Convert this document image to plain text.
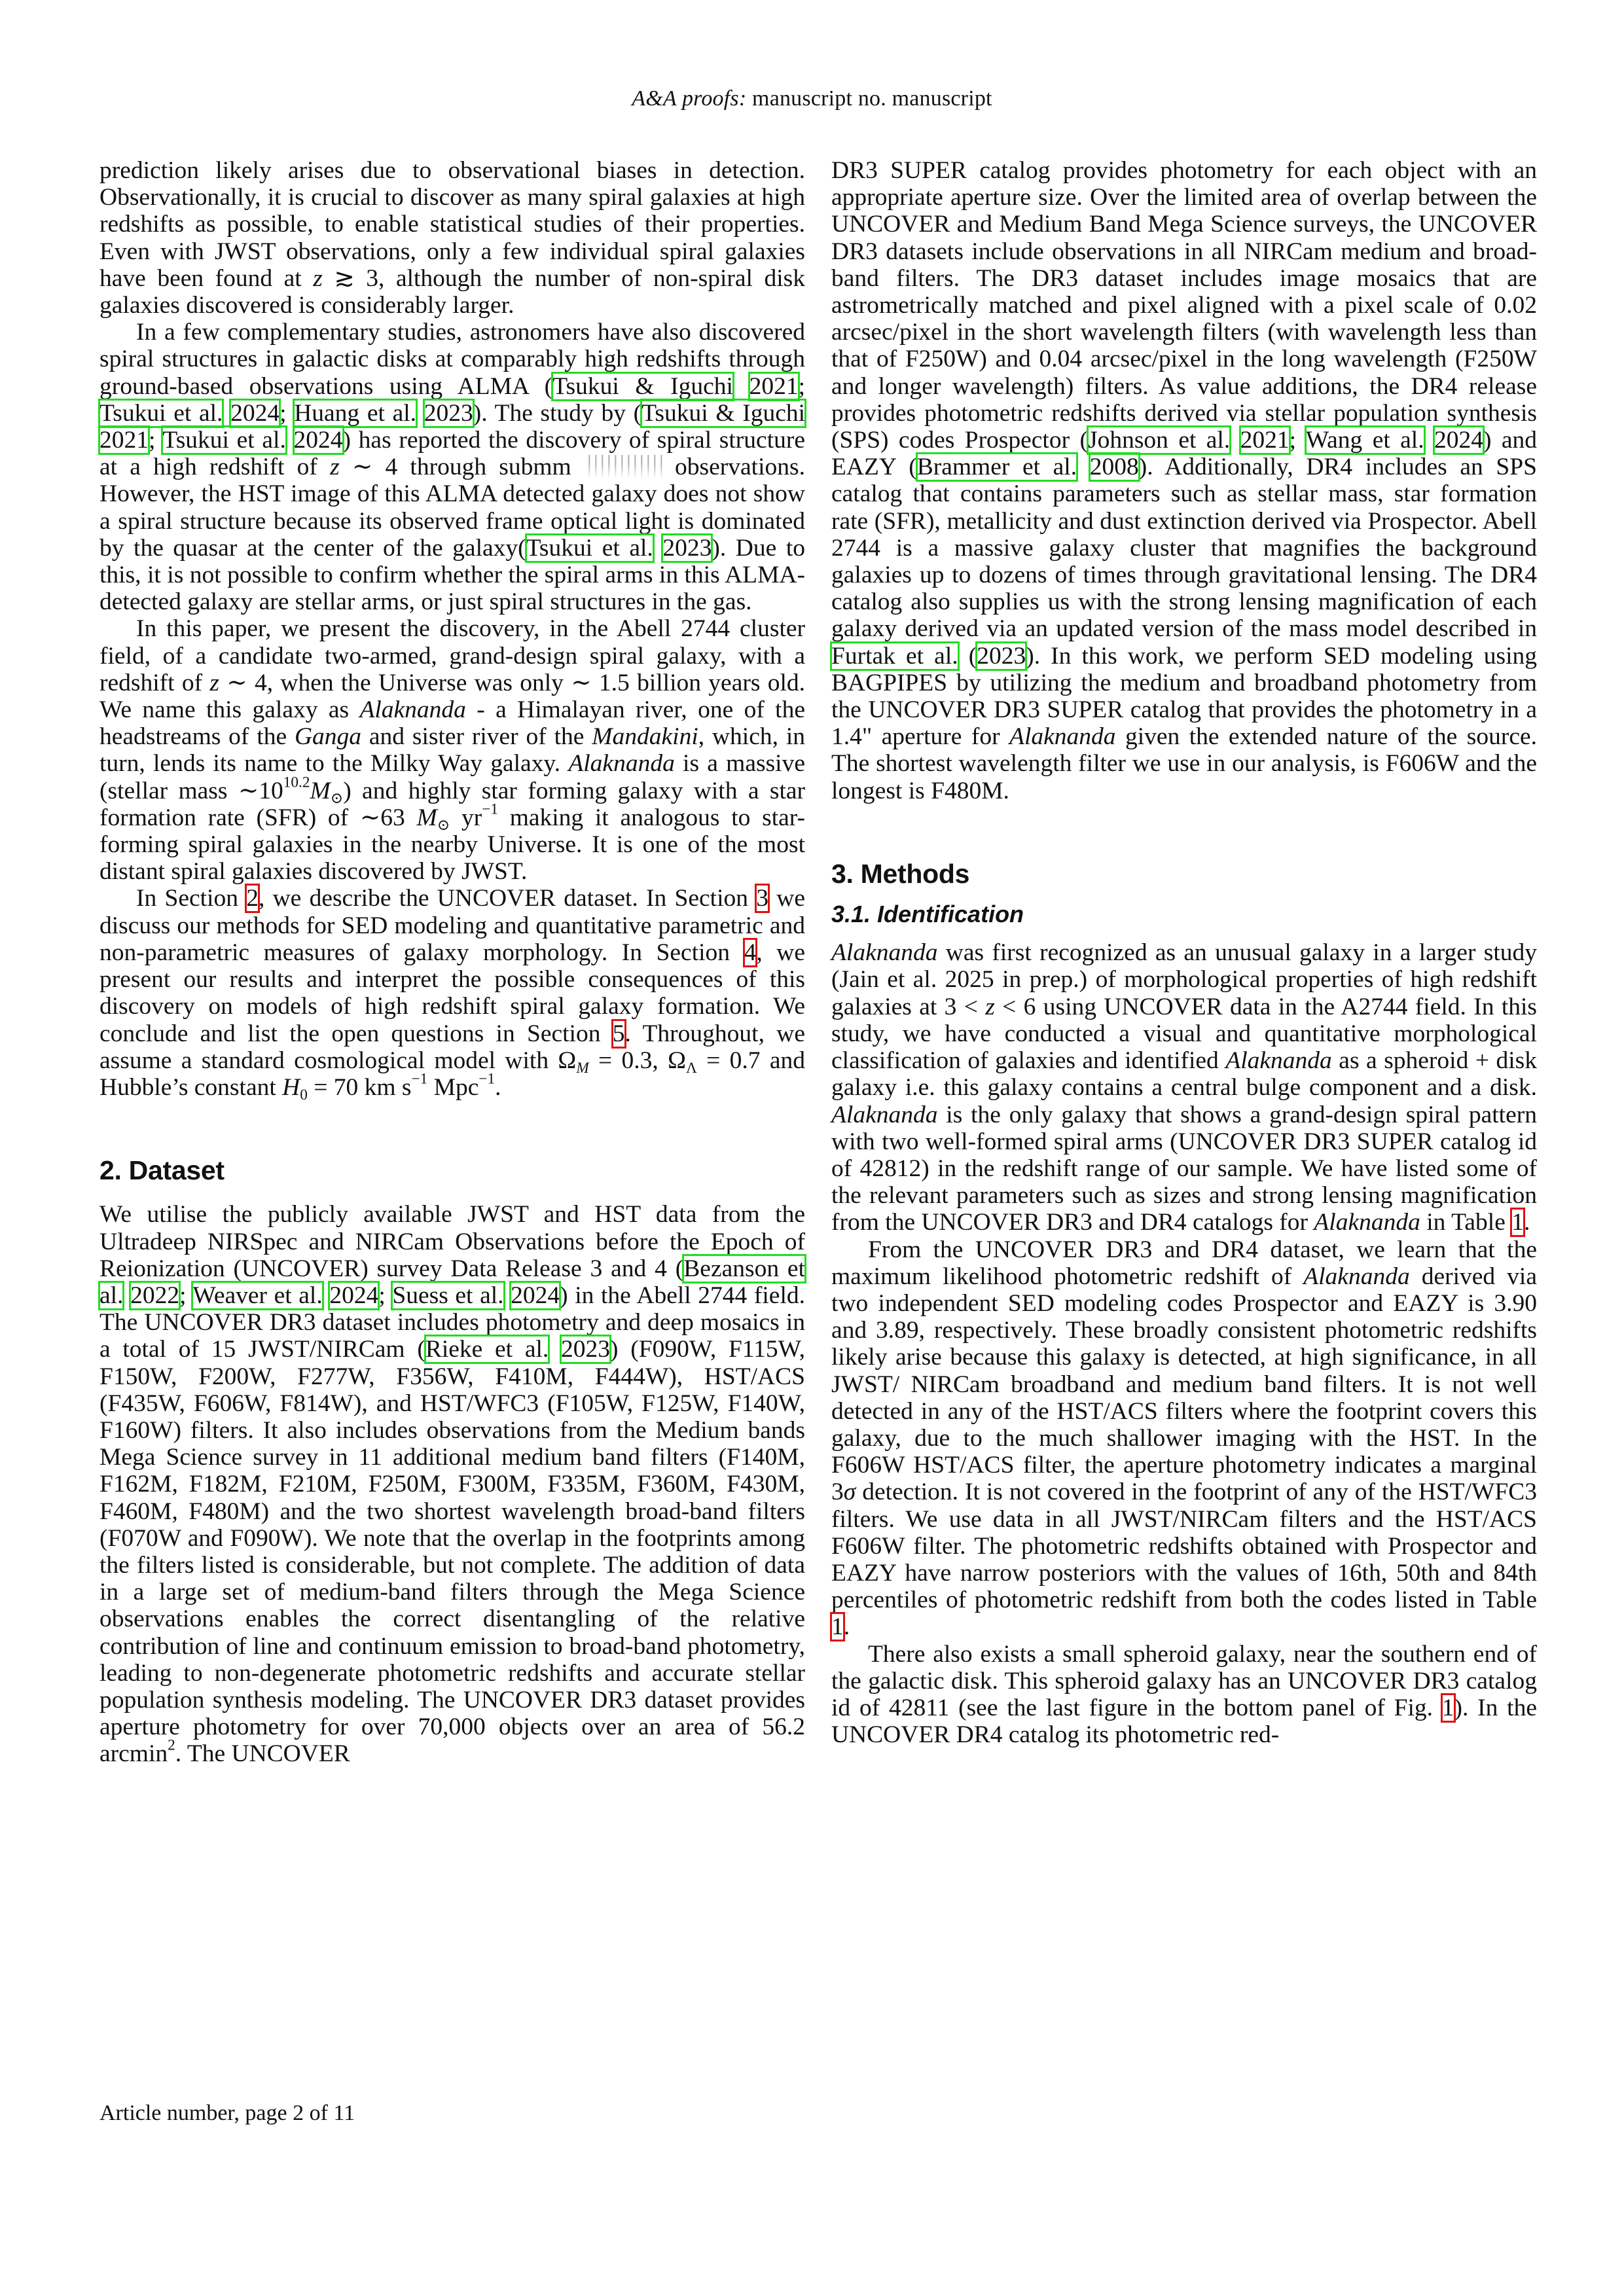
A&A proofs: manuscript no. manuscript

prediction likely arises due to observational biases in detection. Observationally, it is crucial to discover as many spiral galaxies at high redshifts as possible, to enable statistical studies of their properties. Even with JWST observations, only a few individual spiral galaxies have been found at z ≳ 3, although the number of non-spiral disk galaxies discovered is considerably larger.

In a few complementary studies, astronomers have also discovered spiral structures in galactic disks at comparably high redshifts through ground-based observations using ALMA (Tsukui & Iguchi 2021; Tsukui et al. 2024; Huang et al. 2023). The study by (Tsukui & Iguchi 2021; Tsukui et al. 2024) has reported the discovery of spiral structure at a high redshift of z ∼ 4 through submm	observations. However, the HST image of this ALMA detected galaxy does not show a spiral structure because its observed frame optical light is dominated by the quasar at the center of the galaxy(Tsukui et al. 2023). Due to this, it is not possible to confirm whether the spiral arms in this ALMA-detected galaxy are stellar arms, or just spiral structures in the gas.

In this paper, we present the discovery, in the Abell 2744 cluster field, of a candidate two-armed, grand-design spiral galaxy, with a redshift of z ∼ 4, when the Universe was only ∼ 1.5 billion years old. We name this galaxy as Alaknanda - a Himalayan river, one of the headstreams of the Ganga and sister river of the Mandakini, which, in turn, lends its name to the Milky Way galaxy. Alaknanda is a massive (stellar mass $\sim 10^{10.2}M_⊙$) and highly star forming galaxy with a star formation rate (SFR) of ∼63 $M_⊙$ $yr^{-1}$ making it analogous to star-forming spiral galaxies in the nearby Universe. It is one of the most distant spiral galaxies discovered by JWST.

In Section 2, we describe the UNCOVER dataset. In Section 3 we discuss our methods for SED modeling and quantitative parametric and non-parametric measures of galaxy morphology. In Section 4, we present our results and interpret the possible consequences of this discovery on models of high redshift spiral galaxy formation. We conclude and list the open questions in Section 5. Throughout, we assume a standard cosmological model with $\Omega_M = 0.3$, $\Omega_\Lambda = 0.7$ and Hubble’s constant $H_0 = 70$ km $s^{-1}$ Mpc$^{-1}$.

2. Dataset

We utilise the publicly available JWST and HST data from the Ultradeep NIRSpec and NIRCam Observations before the Epoch of Reionization (UNCOVER) survey Data Release 3 and 4 (Bezanson et al. 2022; Weaver et al. 2024; Suess et al. 2024) in the Abell 2744 field. The UNCOVER DR3 dataset includes photometry and deep mosaics in a total of 15 JWST/NIRCam (Rieke et al. 2023) (F090W, F115W, F150W, F200W, F277W, F356W, F410M, F444W), HST/ACS (F435W, F606W, F814W), and HST/WFC3 (F105W, F125W, F140W, F160W) filters. It also includes observations from the Medium bands Mega Science survey in 11 additional medium band filters (F140M, F162M, F182M, F210M, F250M, F300M, F335M, F360M, F430M, F460M, F480M) and the two shortest wavelength broad-band filters (F070W and F090W). We note that the overlap in the footprints among the filters listed is considerable, but not complete. The addition of data in a large set of medium-band filters through the Mega Science observations enables the correct disentangling of the relative contribution of line and continuum emission to broad-band photometry, leading to non-degenerate photometric redshifts and accurate stellar population synthesis modeling. The UNCOVER DR3 dataset provides aperture photometry for over 70,000 objects over an area of 56.2 arcmin$^2$. The UNCOVER

DR3 SUPER catalog provides photometry for each object with an appropriate aperture size. Over the limited area of overlap between the UNCOVER and Medium Band Mega Science surveys, the UNCOVER DR3 datasets include observations in all NIRCam medium and broad-band filters. The DR3 dataset includes image mosaics that are astrometrically matched and pixel aligned with a pixel scale of 0.02 arcsec/pixel in the short wavelength filters (with wavelength less than that of F250W) and 0.04 arcsec/pixel in the long wavelength (F250W and longer wavelength) filters. As value additions, the DR4 release provides photometric redshifts derived via stellar population synthesis (SPS) codes Prospector (Johnson et al. 2021; Wang et al. 2024) and EAZY (Brammer et al. 2008). Additionally, DR4 includes an SPS catalog that contains parameters such as stellar mass, star formation rate (SFR), metallicity and dust extinction derived via Prospector. Abell 2744 is a massive galaxy cluster that magnifies the background galaxies up to dozens of times through gravitational lensing. The DR4 catalog also supplies us with the strong lensing magnification of each galaxy derived via an updated version of the mass model described in Furtak et al. (2023). In this work, we perform SED modeling using BAGPIPES by utilizing the medium and broadband photometry from the UNCOVER DR3 SUPER catalog that provides the photometry in a 1.4" aperture for Alaknanda given the extended nature of the source. The shortest wavelength filter we use in our analysis, is F606W and the longest is F480M.

3. Methods
3.1. Identification

Alaknanda was first recognized as an unusual galaxy in a larger study (Jain et al. 2025 in prep.) of morphological properties of high redshift galaxies at 3 < z < 6 using UNCOVER data in the A2744 field. In this study, we have conducted a visual and quantitative morphological classification of galaxies and identified Alaknanda as a spheroid + disk galaxy i.e. this galaxy contains a central bulge component and a disk. Alaknanda is the only galaxy that shows a grand-design spiral pattern with two well-formed spiral arms (UNCOVER DR3 SUPER catalog id of 42812) in the redshift range of our sample. We have listed some of the relevant parameters such as sizes and strong lensing magnification from the UNCOVER DR3 and DR4 catalogs for Alaknanda in Table 1.

From the UNCOVER DR3 and DR4 dataset, we learn that the maximum likelihood photometric redshift of Alaknanda derived via two independent SED modeling codes Prospector and EAZY is 3.90 and 3.89, respectively. These broadly consistent photometric redshifts likely arise because this galaxy is detected, at high significance, in all JWST/ NIRCam broadband and medium band filters. It is not well detected in any of the HST/ACS filters where the footprint covers this galaxy, due to the much shallower imaging with the HST. In the F606W HST/ACS filter, the aperture photometry indicates a marginal 3σ detection. It is not covered in the footprint of any of the HST/WFC3 filters. We use data in all JWST/NIRCam filters and the HST/ACS F606W filter. The photometric redshifts obtained with Prospector and EAZY have narrow posteriors with the values of 16th, 50th and 84th percentiles of photometric redshift from both the codes listed in Table 1.

There also exists a small spheroid galaxy, near the southern end of the galactic disk. This spheroid galaxy has an UNCOVER DR3 catalog id of 42811 (see the last figure in the bottom panel of Fig. 1). In the UNCOVER DR4 catalog its photometric red-

Article number, page 2 of 11
